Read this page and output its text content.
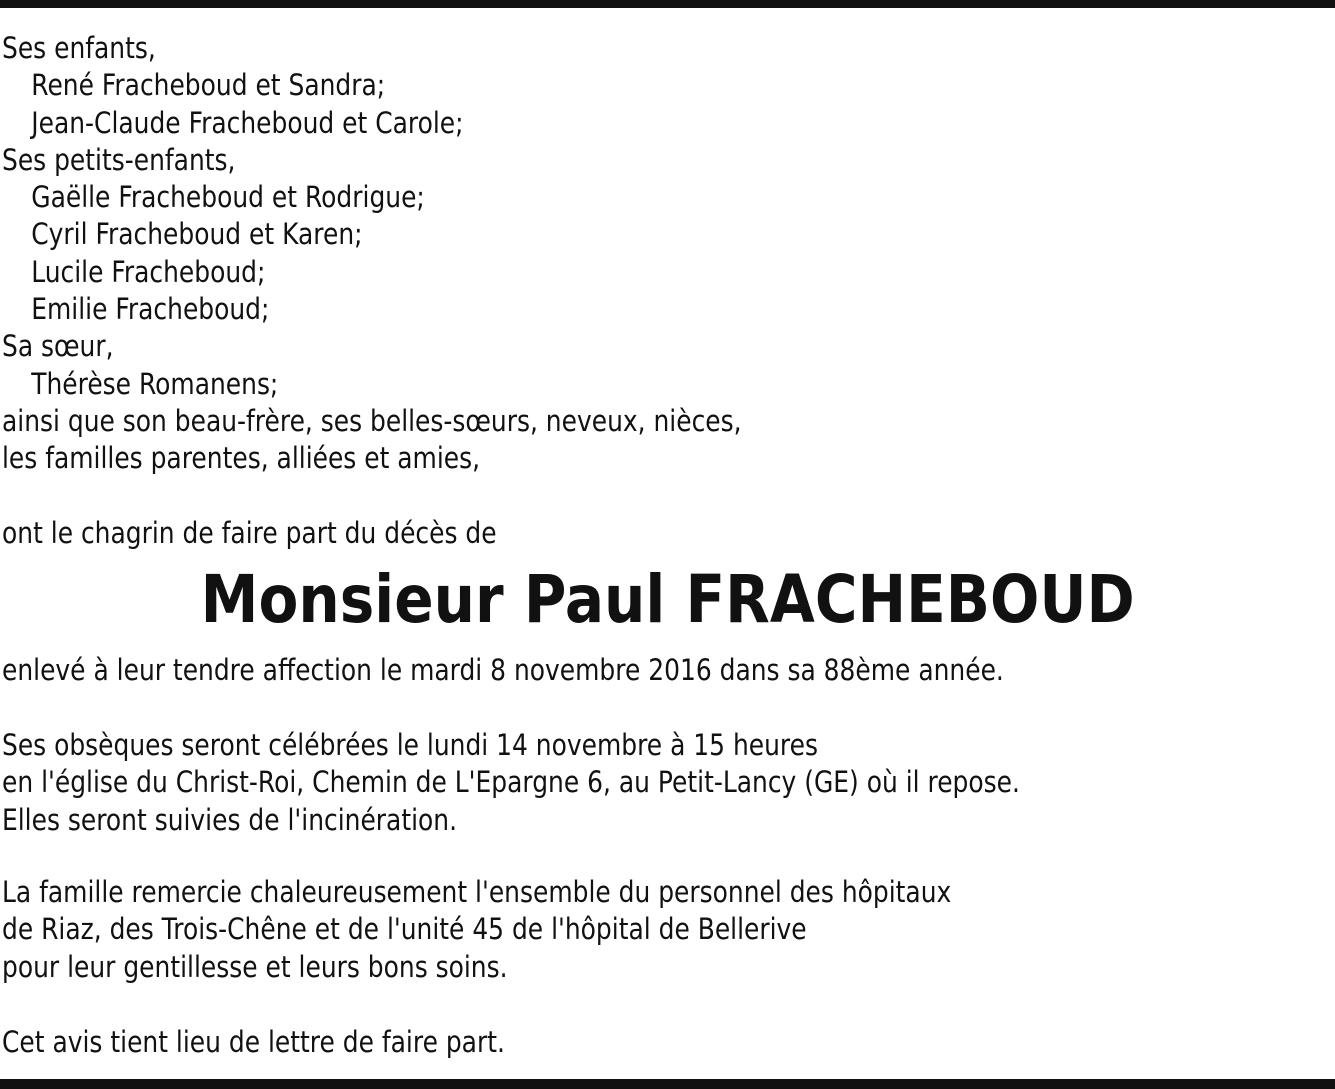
Ses enfants,
René Fracheboud et Sandra;
Jean-Claude Fracheboud et Carole;
Ses petits-enfants,
Gaëlle Fracheboud et Rodrigue;
Cyril Fracheboud et Karen;
Lucile Fracheboud;
Emilie Fracheboud;
Sa sœur,
Thérèse Romanens;
ainsi que son beau-frère, ses belles-sœurs, neveux, nièces,
les familles parentes, alliées et amies,
ont le chagrin de faire part du décès de
Monsieur Paul FRACHEBOUD
enlevé à leur tendre affection le mardi 8 novembre 2016 dans sa 88ème année.
Ses obsèques seront célébrées le lundi 14 novembre à 15 heures
en l'église du Christ-Roi, Chemin de L'Epargne 6, au Petit-Lancy (GE) où il repose.
Elles seront suivies de l'incinération.
La famille remercie chaleureusement l'ensemble du personnel des hôpitaux
de Riaz, des Trois-Chêne et de l'unité 45 de l'hôpital de Bellerive
pour leur gentillesse et leurs bons soins.
Cet avis tient lieu de lettre de faire part.
